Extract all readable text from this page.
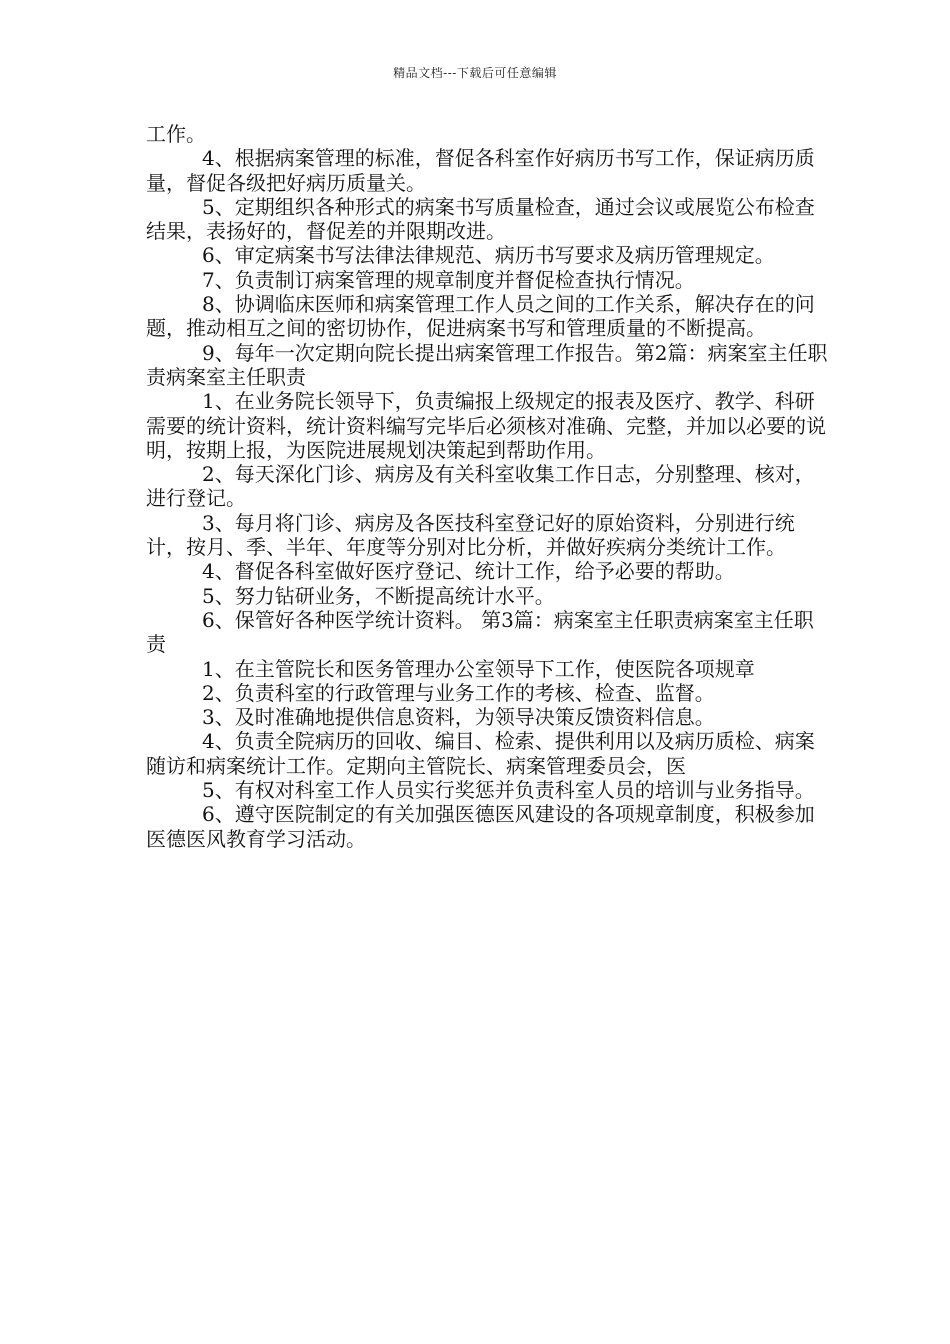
精品文档---下载后可任意编辑

工作。

4、根据病案管理的标准，督促各科室作好病历书写工作，保证病历质量，督促各级把好病历质量关。

5、定期组织各种形式的病案书写质量检查，通过会议或展览公布检查结果，表扬好的，督促差的并限期改进。

6、审定病案书写法律法律规范、病历书写要求及病历管理规定。

7、负责制订病案管理的规章制度并督促检查执行情况。

8、协调临床医师和病案管理工作人员之间的工作关系，解决存在的问题，推动相互之间的密切协作，促进病案书写和管理质量的不断提高。

9、每年一次定期向院长提出病案管理工作报告。第2篇：病案室主任职责病案室主任职责

1、在业务院长领导下，负责编报上级规定的报表及医疗、教学、科研需要的统计资料，统计资料编写完毕后必须核对准确、完整，并加以必要的说明，按期上报，为医院进展规划决策起到帮助作用。

2、每天深化门诊、病房及有关科室收集工作日志，分别整理、核对，进行登记。

3、每月将门诊、病房及各医技科室登记好的原始资料，分别进行统计，按月、季、半年、年度等分别对比分析，并做好疾病分类统计工作。

4、督促各科室做好医疗登记、统计工作，给予必要的帮助。

5、努力钻研业务，不断提高统计水平。

6、保管好各种医学统计资料。 第3篇：病案室主任职责病案室主任职责

1、在主管院长和医务管理办公室领导下工作，使医院各项规章

2、负责科室的行政管理与业务工作的考核、检查、监督。

3、及时准确地提供信息资料，为领导决策反馈资料信息。

4、负责全院病历的回收、编目、检索、提供利用以及病历质检、病案随访和病案统计工作。定期向主管院长、病案管理委员会，医

5、有权对科室工作人员实行奖惩并负责科室人员的培训与业务指导。

6、遵守医院制定的有关加强医德医风建设的各项规章制度，积极参加医德医风教育学习活动。
